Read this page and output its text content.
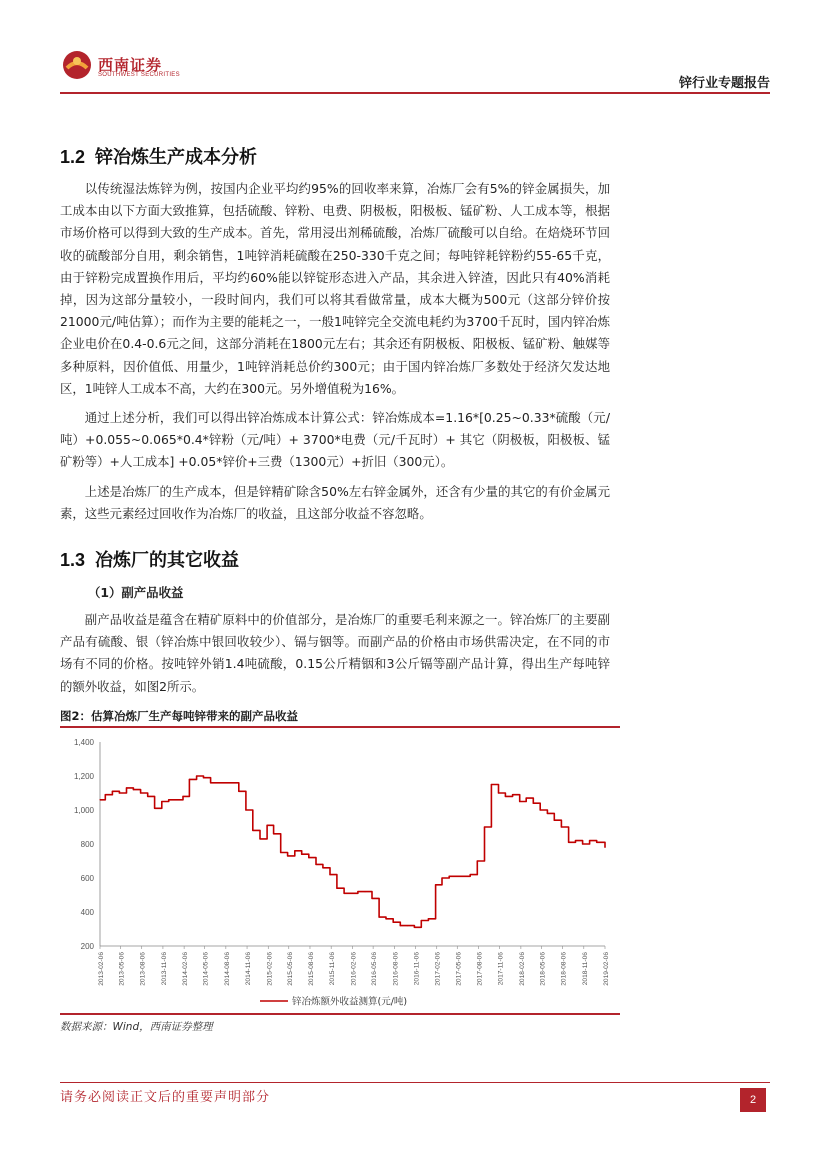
西南证券
SOUTHWEST SECURITIES
锌行业专题报告
1.2 锌冶炼生产成本分析

以传统湿法炼锌为例，按国内企业平均约95%的回收率来算，冶炼厂会有5%的锌金属损失，加工成本由以下方面大致推算，包括硫酸、锌粉、电费、阴极板，阳极板、锰矿粉、人工成本等，根据市场价格可以得到大致的生产成本。首先，常用浸出剂稀硫酸，冶炼厂硫酸可以自给。在焙烧环节回收的硫酸部分自用，剩余销售，1吨锌消耗硫酸在250-330千克之间；每吨锌耗锌粉约55-65千克，由于锌粉完成置换作用后，平均约60%能以锌锭形态进入产品，其余进入锌渣，因此只有40%消耗掉，因为这部分量较小，一段时间内，我们可以将其看做常量，成本大概为500元（这部分锌价按21000元/吨估算）；而作为主要的能耗之一，一般1吨锌完全交流电耗约为3700千瓦时，国内锌冶炼企业电价在0.4-0.6元之间，这部分消耗在1800元左右；其余还有阴极板、阳极板、锰矿粉、触媒等多种原料，因价值低、用量少，1吨锌消耗总价约300元；由于国内锌冶炼厂多数处于经济欠发达地区，1吨锌人工成本不高，大约在300元。另外增值税为16%。

通过上述分析，我们可以得出锌冶炼成本计算公式：锌冶炼成本=1.16*[0.25~0.33*硫酸（元/吨）+0.055~0.065*0.4*锌粉（元/吨）+ 3700*电费（元/千瓦时）+ 其它（阴极板，阳极板、锰矿粉等）+人工成本] +0.05*锌价+三费（1300元）+折旧（300元）。

上述是冶炼厂的生产成本，但是锌精矿除含50%左右锌金属外，还含有少量的其它的有价金属元素，这些元素经过回收作为冶炼厂的收益，且这部分收益不容忽略。

1.3 冶炼厂的其它收益
（1）副产品收益

副产品收益是蕴含在精矿原料中的价值部分，是冶炼厂的重要毛利来源之一。锌冶炼厂的主要副产品有硫酸、银（锌冶炼中银回收较少）、镉与铟等。而副产品的价格由市场供需决定，在不同的市场有不同的价格。按吨锌外销1.4吨硫酸，0.15公斤精铟和3公斤镉等副产品计算，得出生产每吨锌的额外收益，如图2所示。

图2：估算冶炼厂生产每吨锌带来的副产品收益
1,400
1,200
1,000
800
600
400
200
2013-02-06 2013-05-06 2013-08-06 2013-11-06 2014-02-06 2014-05-06 2014-08-06 2014-11-06 2015-02-06 2015-05-06 2015-08-06 2015-11-06 2016-02-06 2016-05-06 2016-08-06 2016-11-06 2017-02-06 2017-05-06 2017-08-06 2017-11-06 2018-02-06 2018-05-06 2018-08-06 2018-11-06 2019-02-06
锌冶炼额外收益测算(元/吨)
数据来源：Wind，西南证券整理
请务必阅读正文后的重要声明部分	2
